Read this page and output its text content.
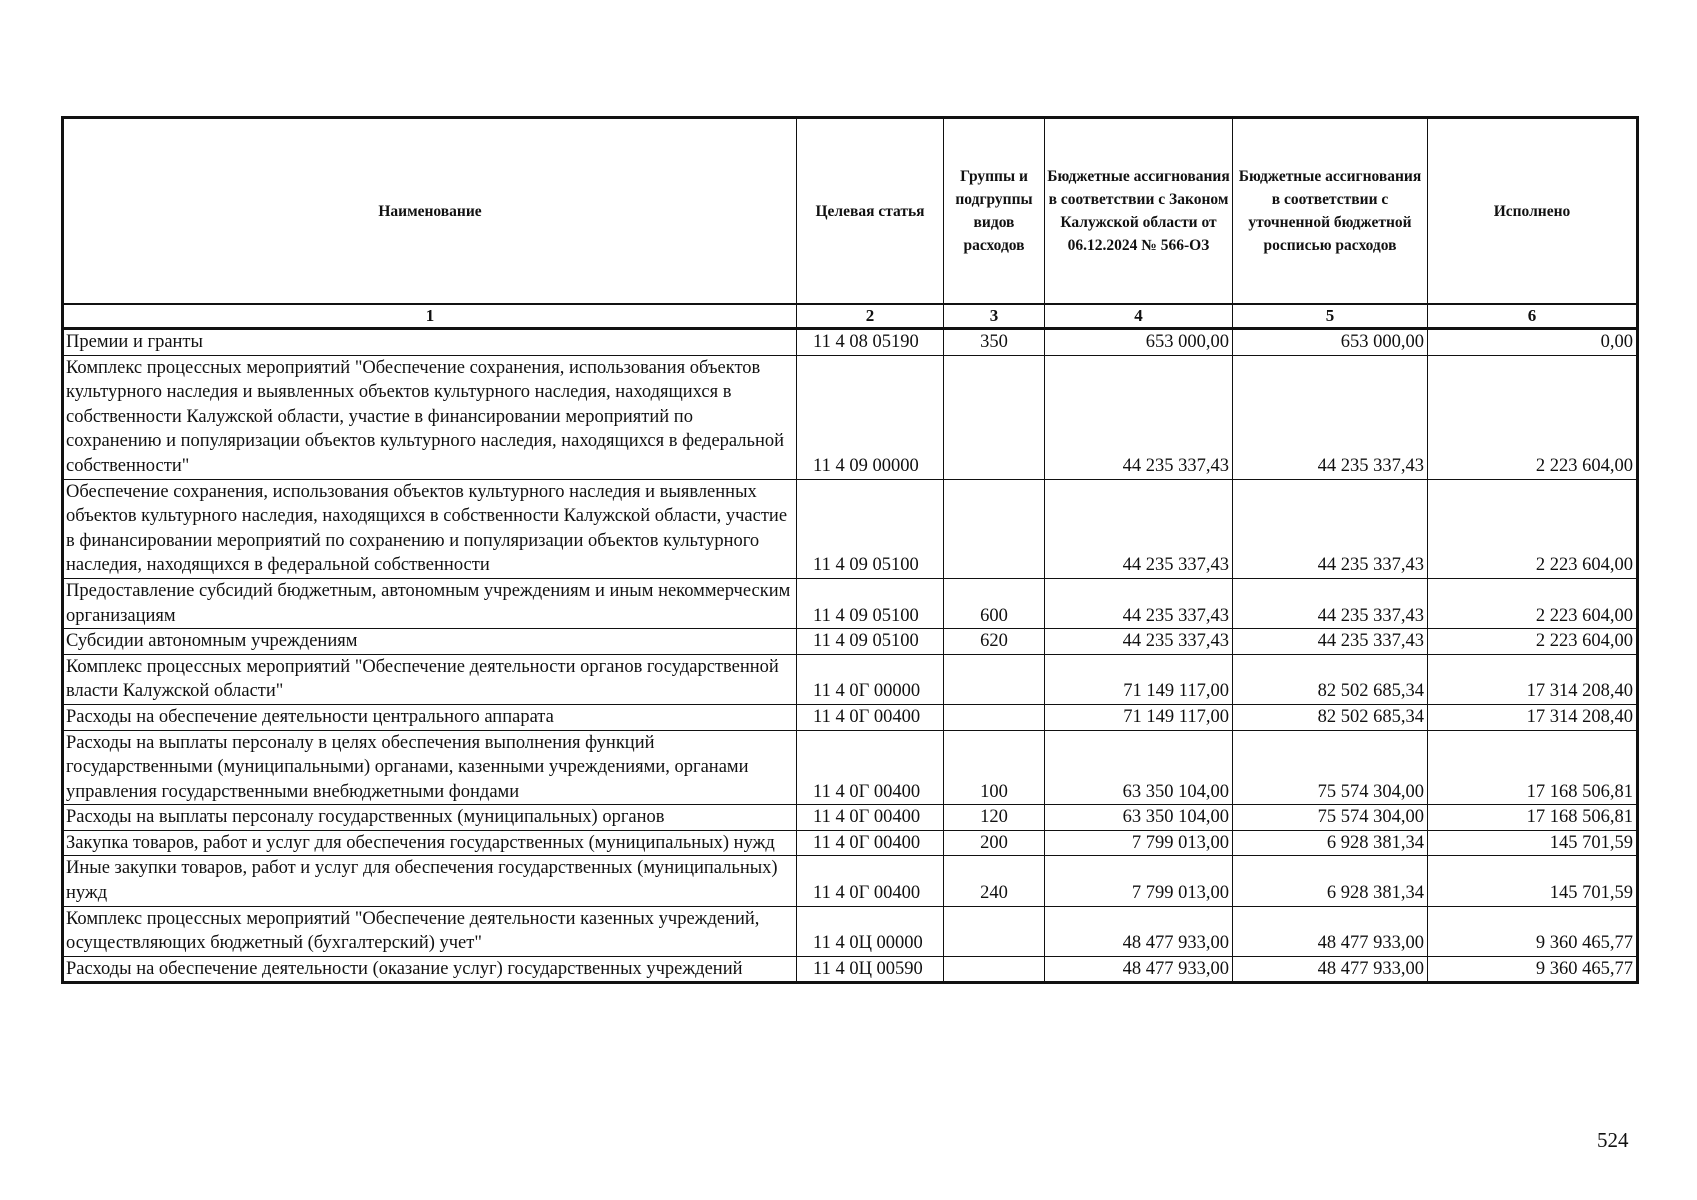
Наименование	Целевая статья	Группы и подгруппы видов расходов	Бюджетные ассигнования в соответствии с Законом Калужской области от 06.12.2024 № 566-ОЗ	Бюджетные ассигнования в соответствии с уточненной бюджетной росписью расходов	Исполнено
1	2	3	4	5	6
Премии и гранты	11 4 08 05190	350	653 000,00	653 000,00	0,00
Комплекс процессных мероприятий "Обеспечение сохранения, использования объектов культурного наследия и выявленных объектов культурного наследия, находящихся в собственности Калужской области, участие в финансировании мероприятий по сохранению и популяризации объектов культурного наследия, находящихся в федеральной собственности"	11 4 09 00000		44 235 337,43	44 235 337,43	2 223 604,00
Обеспечение сохранения, использования объектов культурного наследия и выявленных объектов культурного наследия, находящихся в собственности Калужской области, участие в финансировании мероприятий по сохранению и популяризации объектов культурного наследия, находящихся в федеральной собственности	11 4 09 05100		44 235 337,43	44 235 337,43	2 223 604,00
Предоставление субсидий бюджетным, автономным учреждениям и иным некоммерческим организациям	11 4 09 05100	600	44 235 337,43	44 235 337,43	2 223 604,00
Субсидии автономным учреждениям	11 4 09 05100	620	44 235 337,43	44 235 337,43	2 223 604,00
Комплекс процессных мероприятий "Обеспечение деятельности органов государственной власти Калужской области"	11 4 0Г 00000		71 149 117,00	82 502 685,34	17 314 208,40
Расходы на обеспечение деятельности центрального аппарата	11 4 0Г 00400		71 149 117,00	82 502 685,34	17 314 208,40
Расходы на выплаты персоналу в целях обеспечения выполнения функций государственными (муниципальными) органами, казенными учреждениями, органами управления государственными внебюджетными фондами	11 4 0Г 00400	100	63 350 104,00	75 574 304,00	17 168 506,81
Расходы на выплаты персоналу государственных (муниципальных) органов	11 4 0Г 00400	120	63 350 104,00	75 574 304,00	17 168 506,81
Закупка товаров, работ и услуг для обеспечения государственных (муниципальных) нужд	11 4 0Г 00400	200	7 799 013,00	6 928 381,34	145 701,59
Иные закупки товаров, работ и услуг для обеспечения государственных (муниципальных) нужд	11 4 0Г 00400	240	7 799 013,00	6 928 381,34	145 701,59
Комплекс процессных мероприятий "Обеспечение деятельности казенных учреждений, осуществляющих бюджетный (бухгалтерский) учет"	11 4 0Ц 00000		48 477 933,00	48 477 933,00	9 360 465,77
Расходы на обеспечение деятельности (оказание услуг) государственных учреждений	11 4 0Ц 00590		48 477 933,00	48 477 933,00	9 360 465,77
524
